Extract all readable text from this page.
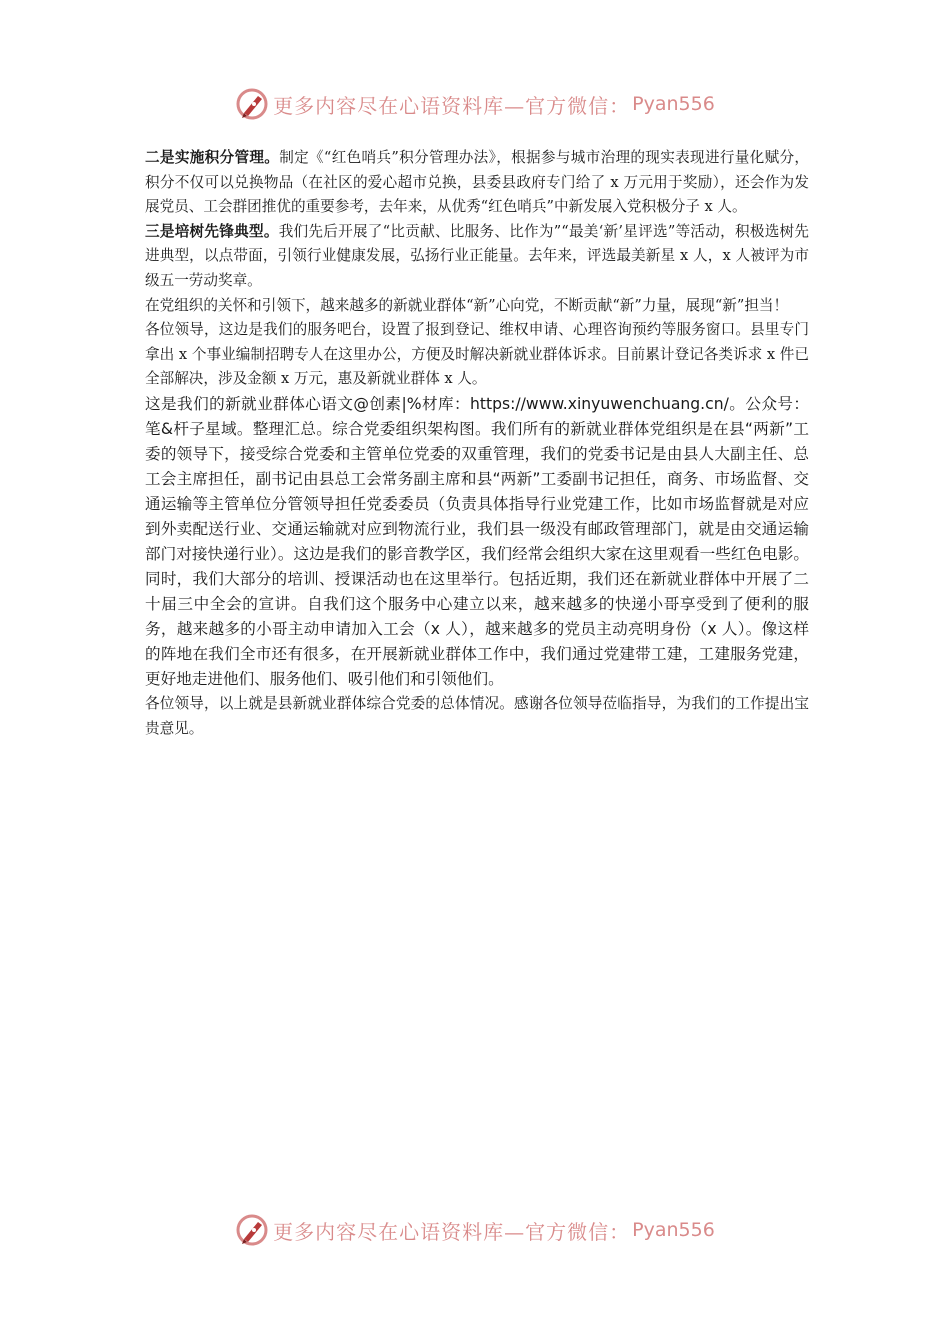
更多内容尽在心语资料库—官方微信： Pyan556

二是实施积分管理。制定《“红色哨兵”积分管理办法》，根据参与城市治理的现实表现进行量化赋分，积分不仅可以兑换物品（在社区的爱心超市兑换，县委县政府专门给了 x 万元用于奖励），还会作为发展党员、工会群团推优的重要参考，去年来，从优秀“红色哨兵”中新发展入党积极分子 x 人。

三是培树先锋典型。我们先后开展了“比贡献、比服务、比作为”“最美‘新’星评选”等活动，积极选树先进典型，以点带面，引领行业健康发展，弘扬行业正能量。去年来，评选最美新星 x 人，x 人被评为市级五一劳动奖章。

在党组织的关怀和引领下，越来越多的新就业群体“新”心向党，不断贡献“新”力量，展现“新”担当！

各位领导，这边是我们的服务吧台，设置了报到登记、维权申请、心理咨询预约等服务窗口。县里专门拿出 x 个事业编制招聘专人在这里办公，方便及时解决新就业群体诉求。目前累计登记各类诉求 x 件已全部解决，涉及金额 x 万元，惠及新就业群体 x 人。

这是我们的新就业群体心语文@创素|%材库：https://www.xinyuwenchuang.cn/。公众号：笔&杆子星域。整理汇总。综合党委组织架构图。我们所有的新就业群体党组织是在县“两新”工委的领导下，接受综合党委和主管单位党委的双重管理，我们的党委书记是由县人大副主任、总工会主席担任，副书记由县总工会常务副主席和县“两新”工委副书记担任，商务、市场监督、交通运输等主管单位分管领导担任党委委员（负责具体指导行业党建工作，比如市场监督就是对应到外卖配送行业、交通运输就对应到物流行业，我们县一级没有邮政管理部门，就是由交通运输部门对接快递行业）。这边是我们的影音教学区，我们经常会组织大家在这里观看一些红色电影。同时，我们大部分的培训、授课活动也在这里举行。包括近期，我们还在新就业群体中开展了二十届三中全会的宣讲。自我们这个服务中心建立以来，越来越多的快递小哥享受到了便利的服务，越来越多的小哥主动申请加入工会（x 人），越来越多的党员主动亮明身份（x 人）。像这样的阵地在我们全市还有很多，在开展新就业群体工作中，我们通过党建带工建，工建服务党建，更好地走进他们、服务他们、吸引他们和引领他们。

各位领导，以上就是县新就业群体综合党委的总体情况。感谢各位领导莅临指导，为我们的工作提出宝贵意见。

更多内容尽在心语资料库—官方微信： Pyan556
